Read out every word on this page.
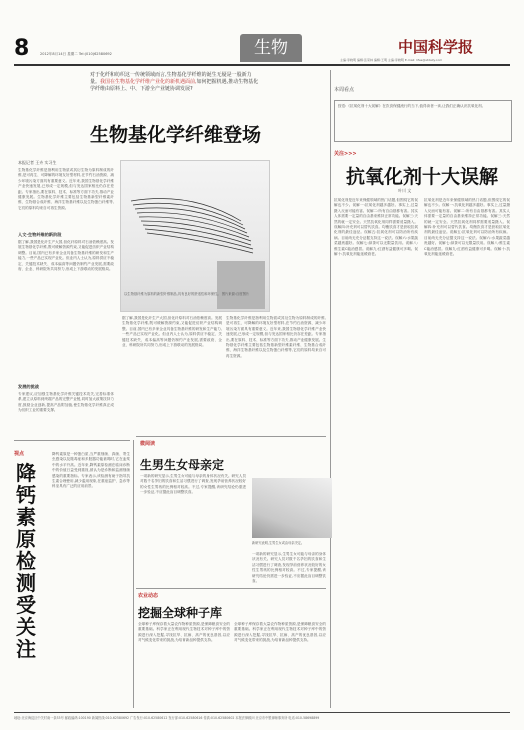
8	2012年8月14日 星期二 Tel:(010)62580692	生物	中国科学报
主编:李晓明 编辑:张荣林 编辑:王明 主编:李晓明 E-mail: lifes@stdaily.com
对于化纤和纺织这一传统领域而言,生物基化学纤维的诞生无疑是一股新力量。我国在生物基化学纤维产业化的新机遇面前,如何把握机遇,推动生物基化学纤维由原料上、中、下游全产业链协调发展?
生物基化学纤维登场
本报记者 王卉 实习生
人文·生物纤维的新阶段
生物基化学纤维是指利用生物质或其衍生物为原料制成的纤维,是可再生、可降解的环境友好型材料,在节约石油资源、减少环境污染方面具有重要意义。近年来,我国生物基化学纤维产业快速发展,已形成一定规模,但与发达国家相比仍存在差距。专家指出,要在原料、技术、标准等方面下功夫,推动产业健康发展。生物基化学纤维主要包括生物基新型纤维素纤维、生物基合成纤维、海洋生物基纤维以及生物蛋白纤维等,它们的原料均来自可再生资源。
据了解,我国是化纤生产大国,但化纤原料对石油依赖度高。发展生物基化学纤维,既可缓解资源约束,又能促进纺织产业结构调整。目前,国内已有多家企业具备生物基纤维的研发和生产能力,一些产品已实现产业化。但业内人士认为,原料供应不稳定、关键技术缺失、成本偏高等问题仍制约产业发展,需要政府、企业、科研院所共同努力,形成上下游联动的发展格局。
发展的挑战
专家建议,应加强生物基化学纤维关键技术攻关,完善标准体系,建立从原料到终端产品的完整产业链,同时加大政策扶持力度,鼓励企业创新,提高产品附加值,使生物基化学纤维真正成为纺织工业的重要支撑。
以生物基纤维为原料的新型纤维制品,具有良好的舒适性和环保性。 图片来源:百度图片
据了解,我国是化纤生产大国,但化纤原料对石油依赖度高。发展生物基化学纤维,既可缓解资源约束,又能促进纺织产业结构调整。目前,国内已有多家企业具备生物基纤维的研发和生产能力,一些产品已实现产业化。但业内人士认为,原料供应不稳定、关键技术缺失、成本偏高等问题仍制约产业发展,需要政府、企业、科研院所共同努力,形成上下游联动的发展格局。
生物基化学纤维是指利用生物质或其衍生物为原料制成的纤维,是可再生、可降解的环境友好型材料,在节约石油资源、减少环境污染方面具有重要意义。近年来,我国生物基化学纤维产业快速发展,已形成一定规模,但与发达国家相比仍存在差距。专家指出,要在原料、技术、标准等方面下功夫,推动产业健康发展。生物基化学纤维主要包括生物基新型纤维素纤维、生物基合成纤维、海洋生物基纤维以及生物蛋白纤维等,它们的原料均来自可再生资源。
本周看点
按语:《抗氧化剂十大误解》在饮食保健流行的当下,值得读者一读,让我们正确认识抗氧化剂。
关注>>>
抗氧化剂十大误解
叶川 文
抗氧化剂是近年来保健领域的热门话题,但围绕它的误解也不少。误解一:抗氧化剂越多越好。事实上,过量摄入反而可能有害。误解二:所有自由基都有害。其实人体需要一定量的自由基来维持正常功能。误解三:天然的就一定安全。天然抗氧化剂同样需要适量摄入。误解四:补充剂可以替代饮食。均衡饮食才是获取抗氧化剂的最佳途径。误解五:抗氧化剂可以防治所有疾病。目前尚无充分证据支持这一说法。误解六:水果蔬菜越贵越好。误解七:绿茶可以无限量饮用。误解八:维生素C能治感冒。误解九:红酒有益健康可多喝。误解十:抗氧化剂能延缓衰老。
抗氧化剂是近年来保健领域的热门话题,但围绕它的误解也不少。误解一:抗氧化剂越多越好。事实上,过量摄入反而可能有害。误解二:所有自由基都有害。其实人体需要一定量的自由基来维持正常功能。误解三:天然的就一定安全。天然抗氧化剂同样需要适量摄入。误解四:补充剂可以替代饮食。均衡饮食才是获取抗氧化剂的最佳途径。误解五:抗氧化剂可以防治所有疾病。目前尚无充分证据支持这一说法。误解六:水果蔬菜越贵越好。误解七:绿茶可以无限量饮用。误解八:维生素C能治感冒。误解九:红酒有益健康可多喝。误解十:抗氧化剂能延缓衰老。
视点
降钙素原检测受关注
降钙素原是一种蛋白质,当严重细菌、真菌、寄生虫感染以及脓毒症和多脏器功能衰竭时,它在血浆中的水平升高。近年来,降钙素原检测在临床诊断中的价值日益受到重视,被认为是诊断和监测细菌感染的重要指标。专家表示,该检测有助于指导抗生素合理使用,减少滥用现象,在重症监护、急诊等科室具有广泛的应用前景。
微阅读
生男生女母亲定
一项新的研究显示,生男生女可能与母亲的身体状况有关。研究人员对数千名孕妇的饮食和生活习惯进行了调查,发现孕前营养状况较好的女性生男孩的比例相对较高。不过,专家提醒,该研究结论仍需进一步验证,不应据此盲目调整饮食。
新研究表明,生男生女或由母亲决定。
一项新的研究显示,生男生女可能与母亲的身体状况有关。研究人员对数千名孕妇的饮食和生活习惯进行了调查,发现孕前营养状况较好的女性生男孩的比例相对较高。不过,专家提醒,该研究结论仍需进一步验证,不应据此盲目调整饮食。
农业动态
挖掘全球种子库
全球种子库保存着大量农作物种质资源,是保障粮食安全的重要基础。科学家正在利用现代生物技术对种子库中的资源进行深入挖掘,寻找抗旱、抗病、高产的优良基因,以应对气候变化带来的挑战,为培育新品种提供支持。
全球种子库保存着大量农作物种质资源,是保障粮食安全的重要基础。科学家正在利用现代生物技术对种子库中的资源进行深入挖掘,寻找抗旱、抗病、高产的优良基因,以应对气候变化带来的挑战,为培育新品种提供支持。
地址:北京海淀区中关村南一条33号 邮政编码:100190 新闻热线:010-62580692 广告发行:010-62580612 发行部:010-62580616 传真:010-62580602 本报法律顾问 北京市中银律师事务所 电话:010-58698899
